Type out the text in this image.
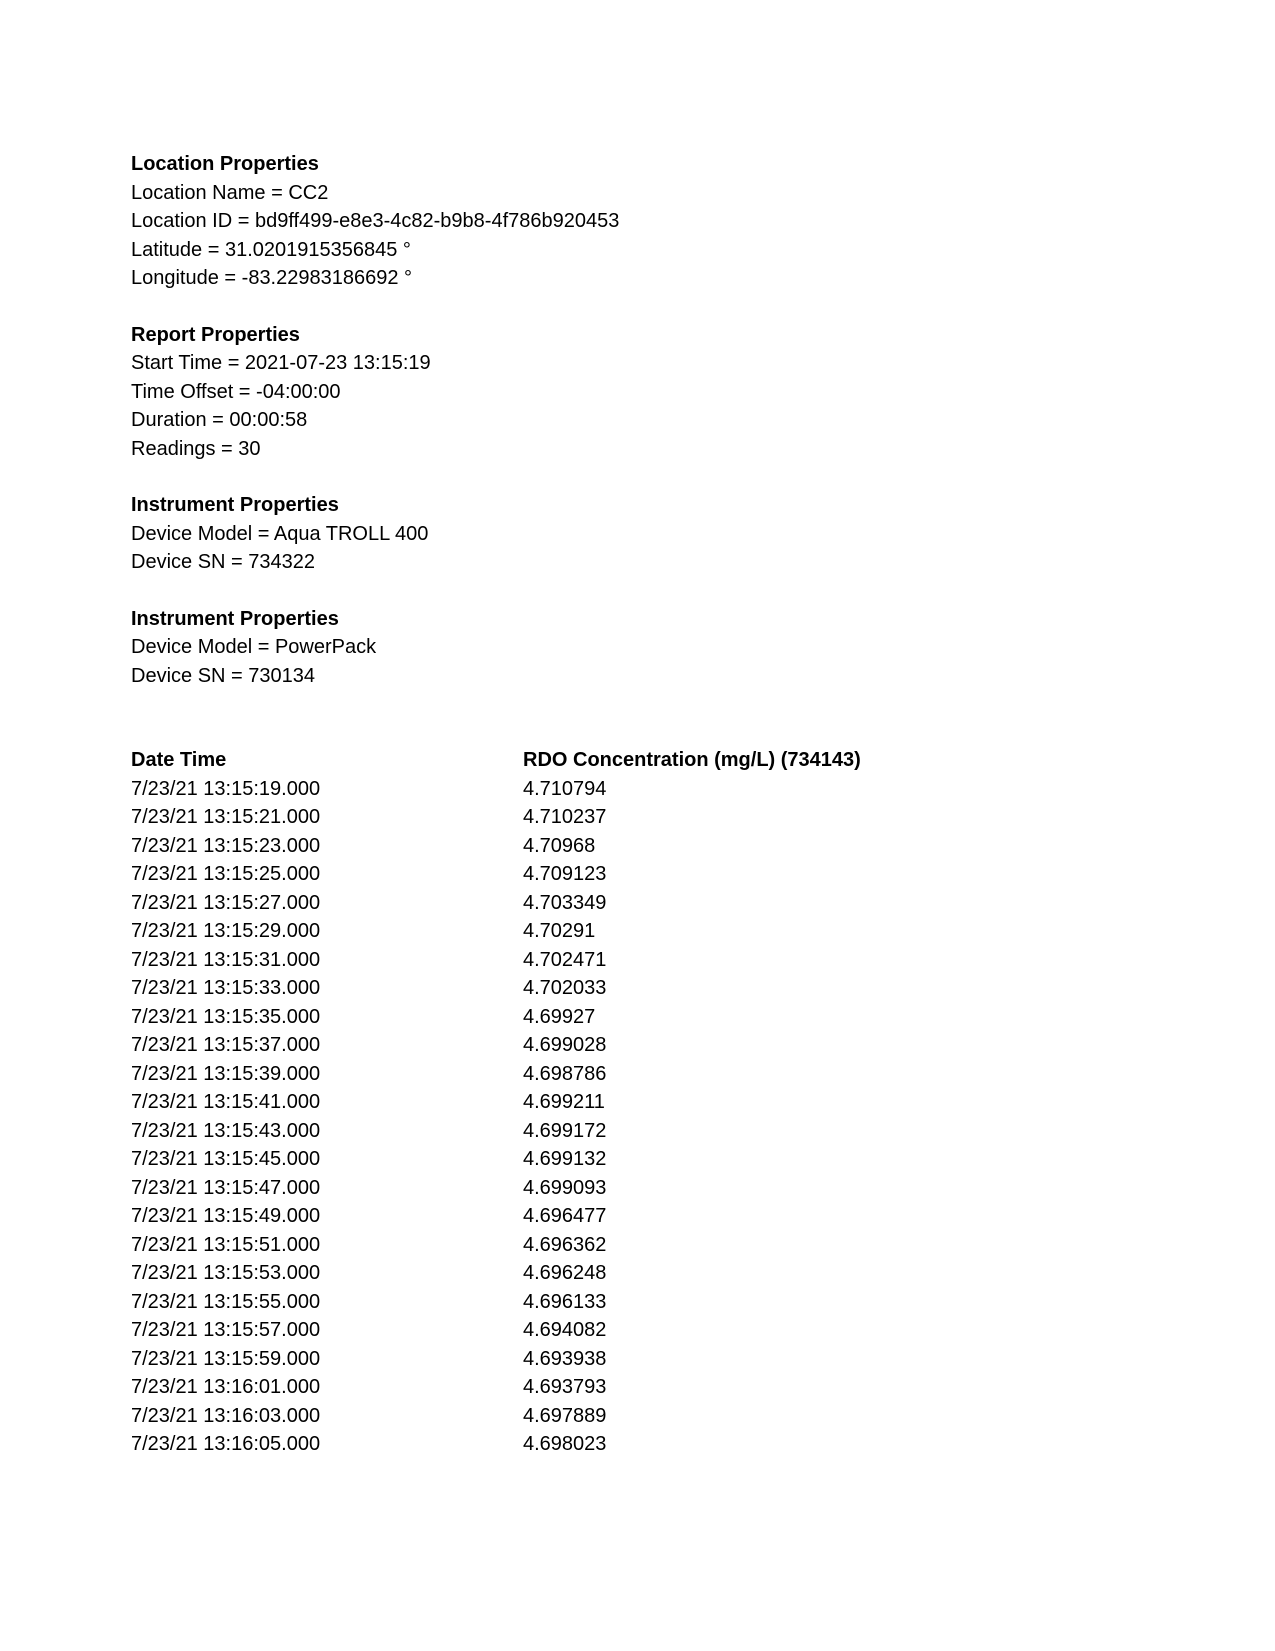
Location Properties
Location Name = CC2
Location ID = bd9ff499-e8e3-4c82-b9b8-4f786b920453
Latitude = 31.0201915356845 °
Longitude = -83.22983186692 °
Report Properties
Start Time = 2021-07-23 13:15:19
Time Offset = -04:00:00
Duration = 00:00:58
Readings = 30
Instrument Properties
Device Model = Aqua TROLL 400
Device SN = 734322
Instrument Properties
Device Model = PowerPack
Device SN = 730134
Date Time	RDO Concentration (mg/L) (734143)
7/23/21 13:15:19.000	4.710794
7/23/21 13:15:21.000	4.710237
7/23/21 13:15:23.000	4.70968
7/23/21 13:15:25.000	4.709123
7/23/21 13:15:27.000	4.703349
7/23/21 13:15:29.000	4.70291
7/23/21 13:15:31.000	4.702471
7/23/21 13:15:33.000	4.702033
7/23/21 13:15:35.000	4.69927
7/23/21 13:15:37.000	4.699028
7/23/21 13:15:39.000	4.698786
7/23/21 13:15:41.000	4.699211
7/23/21 13:15:43.000	4.699172
7/23/21 13:15:45.000	4.699132
7/23/21 13:15:47.000	4.699093
7/23/21 13:15:49.000	4.696477
7/23/21 13:15:51.000	4.696362
7/23/21 13:15:53.000	4.696248
7/23/21 13:15:55.000	4.696133
7/23/21 13:15:57.000	4.694082
7/23/21 13:15:59.000	4.693938
7/23/21 13:16:01.000	4.693793
7/23/21 13:16:03.000	4.697889
7/23/21 13:16:05.000	4.698023
